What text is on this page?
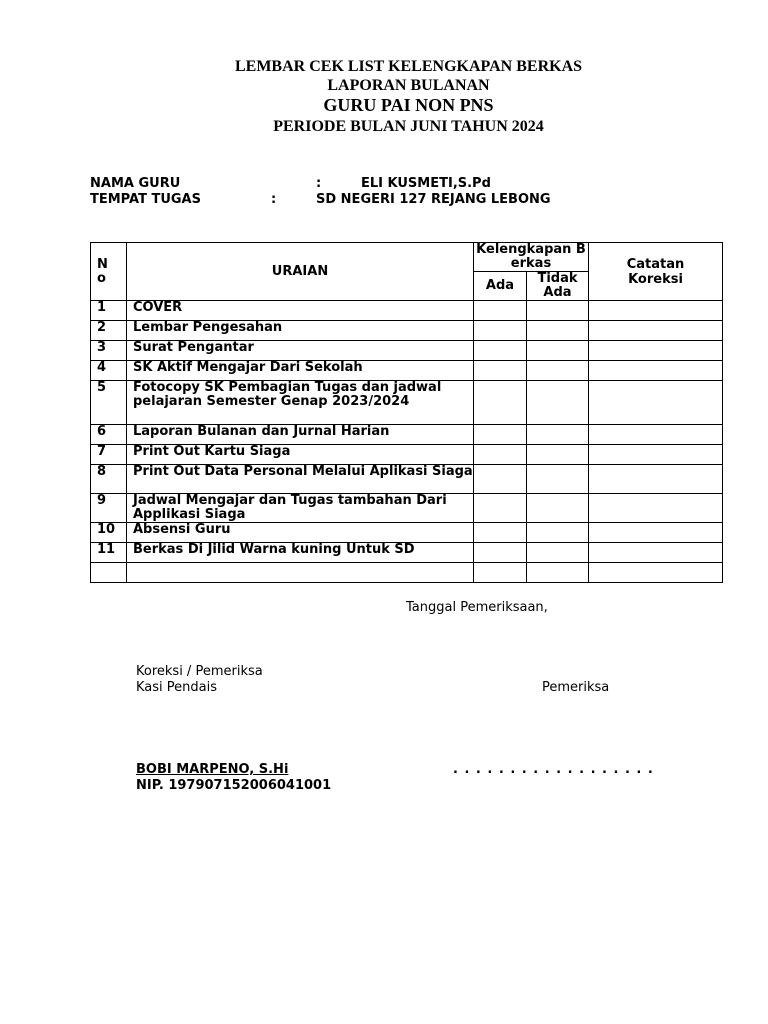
LEMBAR CEK LIST KELENGKAPAN BERKAS
LAPORAN BULANAN
GURU PAI NON PNS
PERIODE BULAN JUNI TAHUN 2024
NAMA GURU	:	ELI KUSMETI,S.Pd
TEMPAT TUGAS	:	SD NEGERI 127 REJANG LEBONG
N
o	URAIAN	Kelengkapan Berkas		Catatan Koreksi

		Ada	Tidak Ada	

1	COVER			
2	Lembar Pengesahan			
3	Surat Pengantar			
4	SK Aktif Mengajar Dari Sekolah			
5	Fotocopy SK Pembagian Tugas dan jadwal pelajaran Semester Genap 2023/2024			
6	Laporan Bulanan dan Jurnal Harian			
7	Print Out Kartu Siaga			
8	Print Out Data Personal Melalui Aplikasi Siaga			
9	Jadwal Mengajar dan Tugas tambahan Dari Applikasi Siaga			
10	Absensi Guru			
11	Berkas Di Jilid Warna kuning Untuk SD			

Tanggal Pemeriksaan,
Koreksi / Pemeriksa
Kasi Pendais	Pemeriksa
BOBI MARPENO, S.Hi	. . . . . . . . . . . . . . . . . .
NIP. 197907152006041001
